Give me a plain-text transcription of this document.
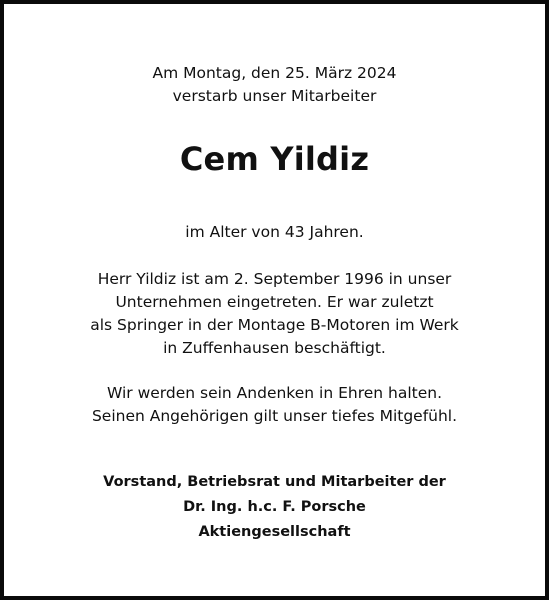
Am Montag, den 25. März 2024
verstarb unser Mitarbeiter
Cem Yildiz
im Alter von 43 Jahren.
Herr Yildiz ist am 2. September 1996 in unser
Unternehmen eingetreten. Er war zuletzt
als Springer in der Montage B-Motoren im Werk
in Zuffenhausen beschäftigt.
Wir werden sein Andenken in Ehren halten.
Seinen Angehörigen gilt unser tiefes Mitgefühl.
Vorstand, Betriebsrat und Mitarbeiter der
Dr. Ing. h.c. F. Porsche
Aktiengesellschaft
